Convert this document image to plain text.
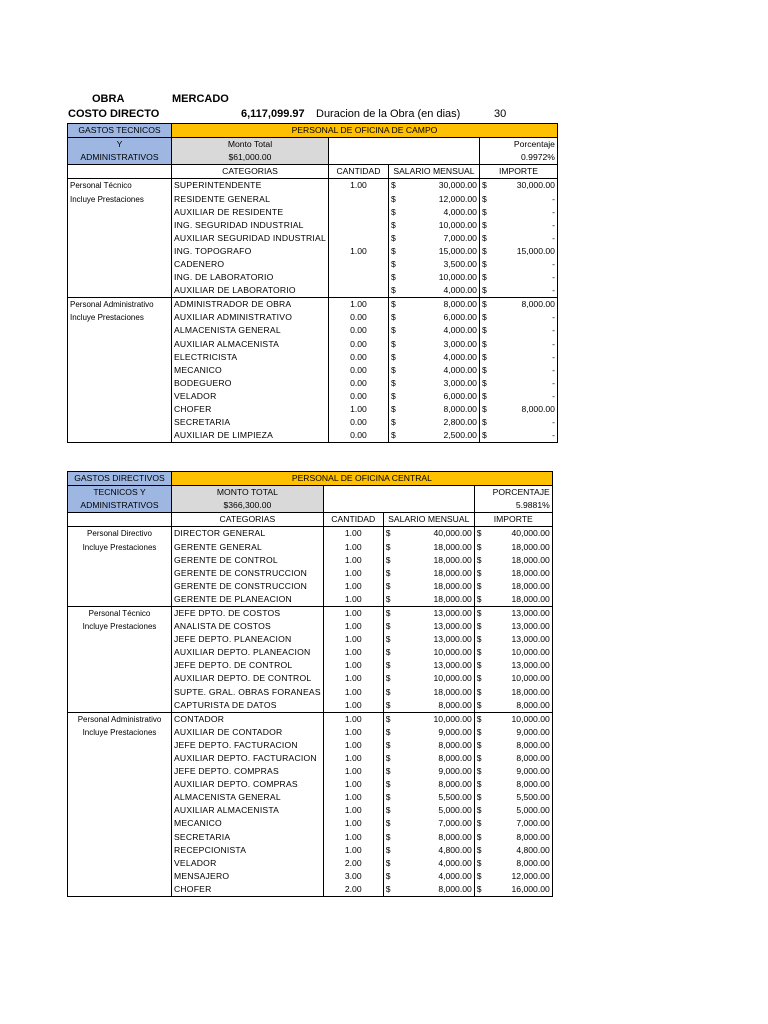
OBRA	MERCADO
COSTO DIRECTO	6,117,099.97 Duracion de la Obra (en dias)	30
GASTOS TECNICOS	PERSONAL DE OFICINA DE CAMPO					
Y	Monto Total				Porcentaje	
ADMINISTRATIVOS	$61,000.00				0.9972%	
	CATEGORIAS	CANTIDAD	SALARIO MENSUAL		IMPORTE	
Personal Técnico	SUPERINTENDENTE	1.00	$	30,000.00	$	30,000.00
Incluye Prestaciones	RESIDENTE GENERAL		$	12,000.00	$	-
	AUXILIAR DE RESIDENTE		$	4,000.00	$	-
	ING. SEGURIDAD INDUSTRIAL		$	10,000.00	$	-
	AUXILIAR SEGURIDAD INDUSTRIAL		$	7,000.00	$	-
	ING. TOPOGRAFO	1.00	$	15,000.00	$	15,000.00
	CADENERO		$	3,500.00	$	-
	ING. DE LABORATORIO		$	10,000.00	$	-
	AUXILIAR DE LABORATORIO		$	4,000.00	$	-
Personal Administrativo	ADMINISTRADOR DE OBRA	1.00	$	8,000.00	$	8,000.00
Incluye Prestaciones	AUXILIAR ADMINISTRATIVO	0.00	$	6,000.00	$	-
	ALMACENISTA GENERAL	0.00	$	4,000.00	$	-
	AUXILIAR ALMACENISTA	0.00	$	3,000.00	$	-
	ELECTRICISTA	0.00	$	4,000.00	$	-
	MECANICO	0.00	$	4,000.00	$	-
	BODEGUERO	0.00	$	3,000.00	$	-
	VELADOR	0.00	$	6,000.00	$	-
	CHOFER	1.00	$	8,000.00	$	8,000.00
	SECRETARIA	0.00	$	2,800.00	$	-
	AUXILIAR DE LIMPIEZA	0.00	$	2,500.00	$	-
GASTOS DIRECTIVOS	PERSONAL DE OFICINA CENTRAL					
TECNICOS Y	MONTO TOTAL				PORCENTAJE	
ADMINISTRATIVOS	$366,300.00				5.9881%	
	CATEGORIAS	CANTIDAD	SALARIO MENSUAL		IMPORTE	
Personal Directivo	DIRECTOR GENERAL	1.00	$	40,000.00	$	40,000.00
Incluye Prestaciones	GERENTE GENERAL	1.00	$	18,000.00	$	18,000.00
	GERENTE DE CONTROL	1.00	$	18,000.00	$	18,000.00
	GERENTE DE CONSTRUCCION	1.00	$	18,000.00	$	18,000.00
	GERENTE DE CONSTRUCCION	1.00	$	18,000.00	$	18,000.00
	GERENTE DE PLANEACION	1.00	$	18,000.00	$	18,000.00
Personal Técnico	JEFE DPTO. DE COSTOS	1.00	$	13,000.00	$	13,000.00
Incluye Prestaciones	ANALISTA DE COSTOS	1.00	$	13,000.00	$	13,000.00
	JEFE DEPTO. PLANEACION	1.00	$	13,000.00	$	13,000.00
	AUXILIAR DEPTO. PLANEACION	1.00	$	10,000.00	$	10,000.00
	JEFE DEPTO. DE CONTROL	1.00	$	13,000.00	$	13,000.00
	AUXILIAR DEPTO. DE CONTROL	1.00	$	10,000.00	$	10,000.00
	SUPTE. GRAL. OBRAS FORANEAS	1.00	$	18,000.00	$	18,000.00
	CAPTURISTA DE DATOS	1.00	$	8,000.00	$	8,000.00
Personal Administrativo	CONTADOR	1.00	$	10,000.00	$	10,000.00
Incluye Prestaciones	AUXILIAR DE CONTADOR	1.00	$	9,000.00	$	9,000.00
	JEFE DEPTO. FACTURACION	1.00	$	8,000.00	$	8,000.00
	AUXILIAR DEPTO. FACTURACION	1.00	$	8,000.00	$	8,000.00
	JEFE DEPTO. COMPRAS	1.00	$	9,000.00	$	9,000.00
	AUXILIAR DEPTO. COMPRAS	1.00	$	8,000.00	$	8,000.00
	ALMACENISTA GENERAL	1.00	$	5,500.00	$	5,500.00
	AUXILIAR ALMACENISTA	1.00	$	5,000.00	$	5,000.00
	MECANICO	1.00	$	7,000.00	$	7,000.00
	SECRETARIA	1.00	$	8,000.00	$	8,000.00
	RECEPCIONISTA	1.00	$	4,800.00	$	4,800.00
	VELADOR	2.00	$	4,000.00	$	8,000.00
	MENSAJERO	3.00	$	4,000.00	$	12,000.00
	CHOFER	2.00	$	8,000.00	$	16,000.00
